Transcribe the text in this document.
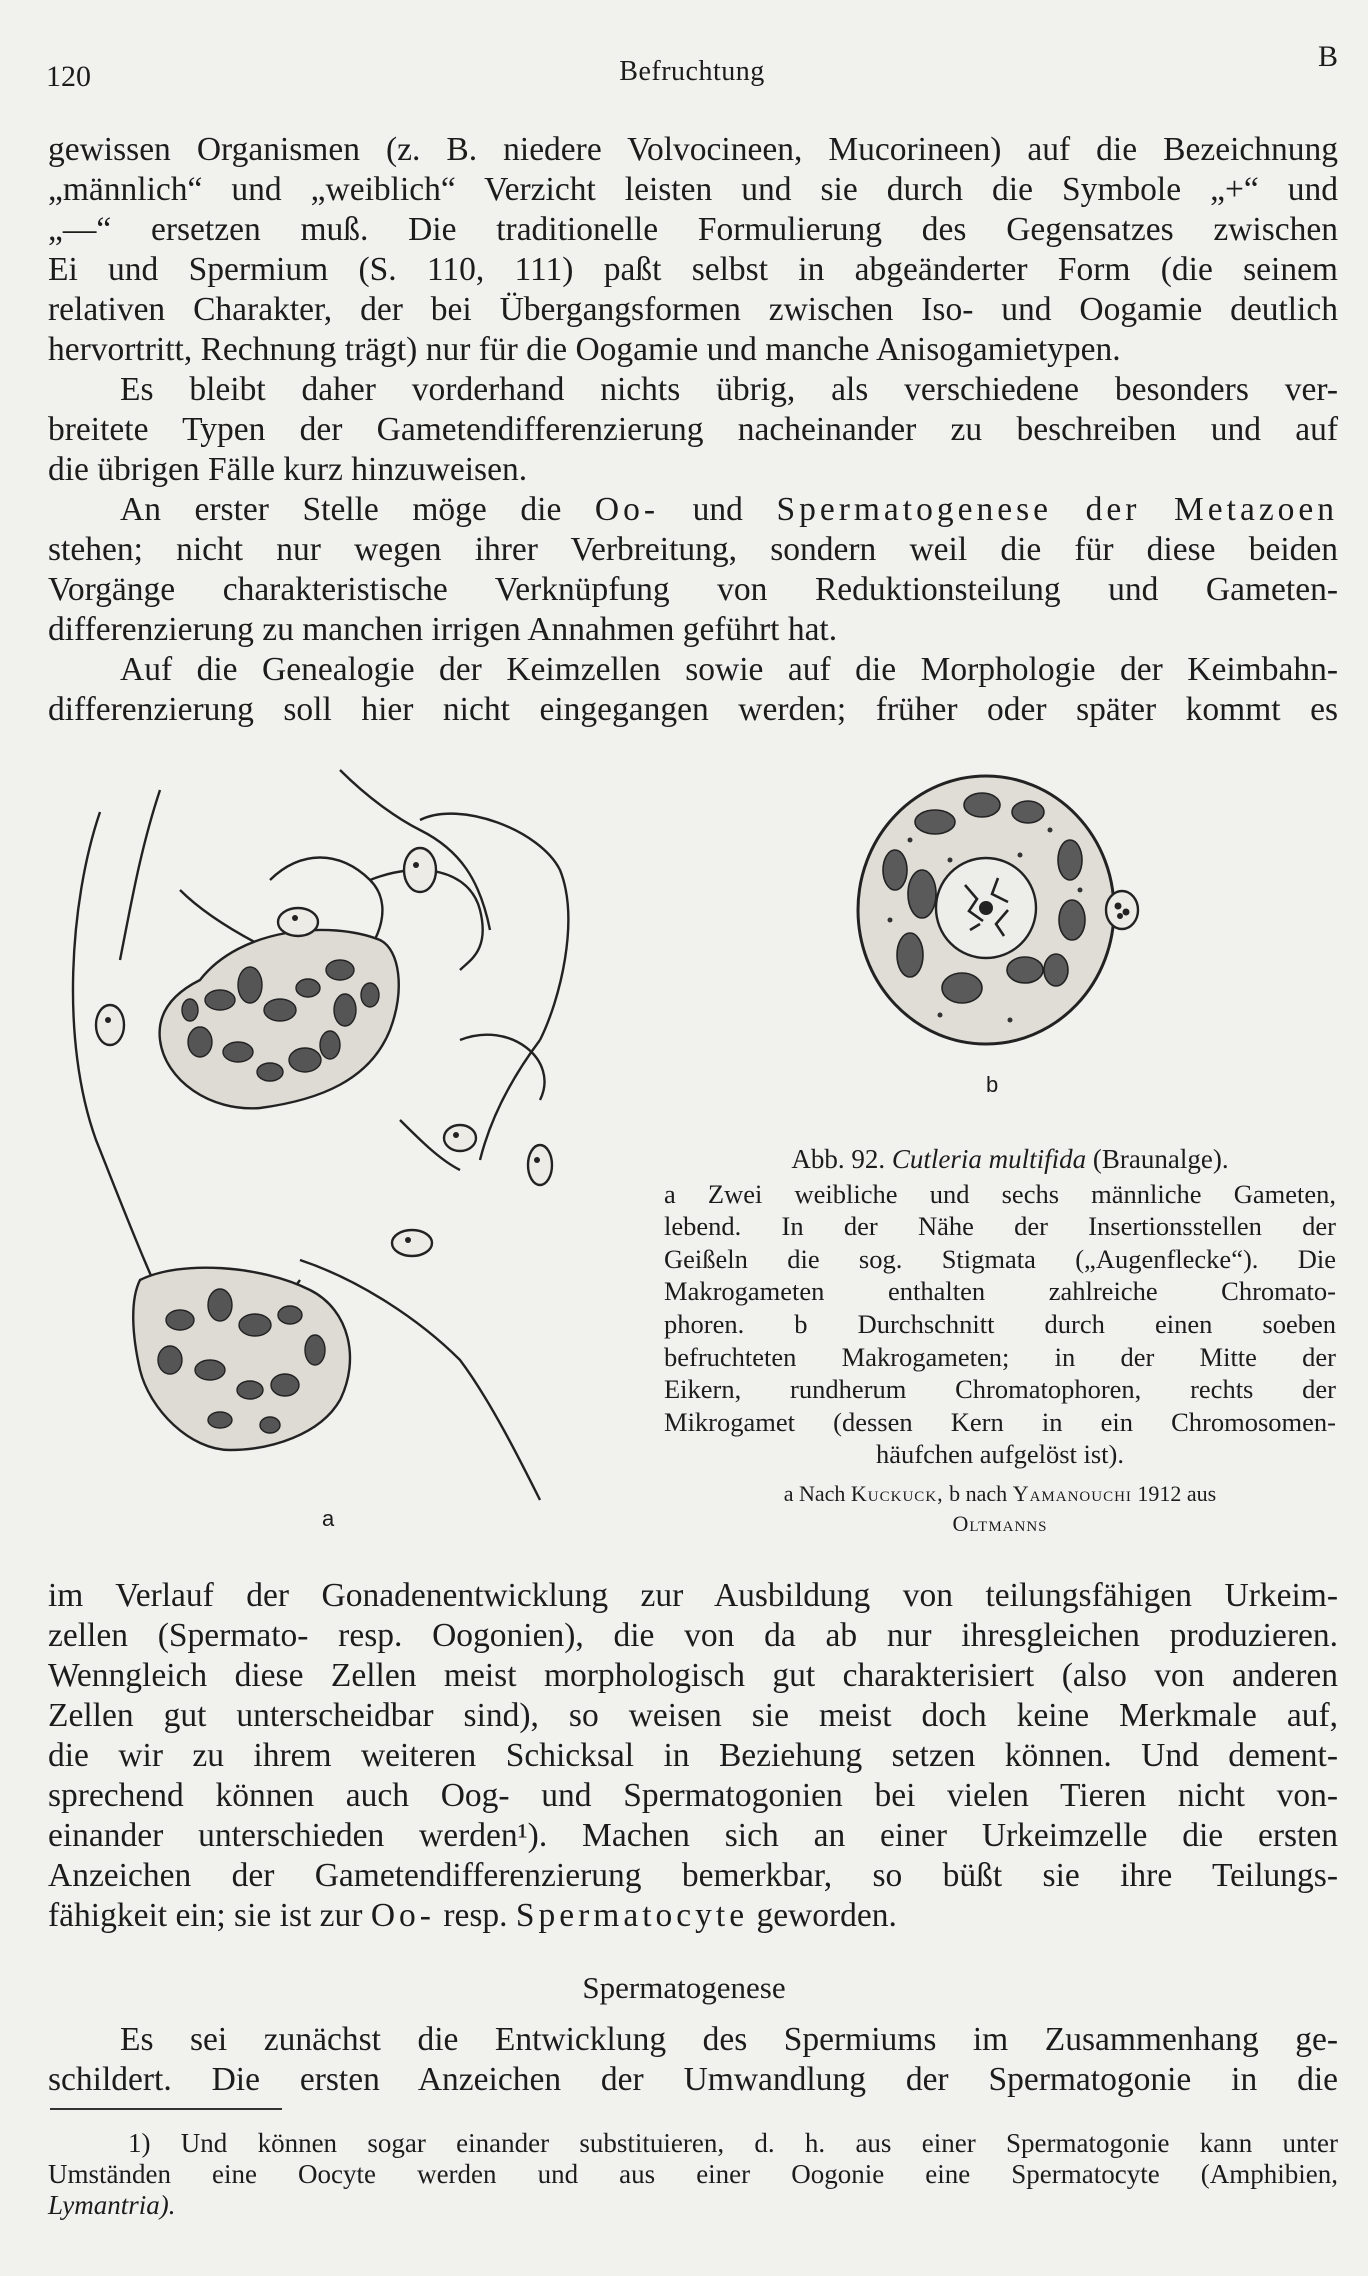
120	Befruchtung	B

gewissen Organismen (z. B. niedere Volvocineen, Mucorineen) auf die Bezeichnung

„männlich“ und „weiblich“ Verzicht leisten und sie durch die Symbole „+“ und

„—“ ersetzen muß. Die traditionelle Formulierung des Gegensatzes zwischen

Ei und Spermium (S. 110, 111) paßt selbst in abgeänderter Form (die seinem

relativen Charakter, der bei Übergangsformen zwischen Iso- und Oogamie deutlich

hervortritt, Rechnung trägt) nur für die Oogamie und manche Anisogamietypen.

Es bleibt daher vorderhand nichts übrig, als verschiedene besonders ver-

breitete Typen der Gametendifferenzierung nacheinander zu beschreiben und auf

die übrigen Fälle kurz hinzuweisen.

An erster Stelle möge die Oo- und Spermatogenese der Metazoen

stehen; nicht nur wegen ihrer Verbreitung, sondern weil die für diese beiden

Vorgänge charakteristische Verknüpfung von Reduktionsteilung und Gameten-

differenzierung zu manchen irrigen Annahmen geführt hat.

Auf die Genealogie der Keimzellen sowie auf die Morphologie der Keimbahn-

differenzierung soll hier nicht eingegangen werden; früher oder später kommt es

a
b

Abb. 92. Cutleria multifida (Braunalge).

a Zwei weibliche und sechs männliche Gameten,

lebend. In der Nähe der Insertionsstellen der

Geißeln die sog. Stigmata („Augenflecke“). Die

Makrogameten enthalten zahlreiche Chromato-

phoren. b Durchschnitt durch einen soeben

befruchteten Makrogameten; in der Mitte der

Eikern, rundherum Chromatophoren, rechts der

Mikrogamet (dessen Kern in ein Chromosomen-

häufchen aufgelöst ist).

a Nach Kuckuck, b nach Yamanouchi 1912 aus
Oltmanns

im Verlauf der Gonadenentwicklung zur Ausbildung von teilungsfähigen Urkeim-

zellen (Spermato- resp. Oogonien), die von da ab nur ihresgleichen produzieren.

Wenngleich diese Zellen meist morphologisch gut charakterisiert (also von anderen

Zellen gut unterscheidbar sind), so weisen sie meist doch keine Merkmale auf,

die wir zu ihrem weiteren Schicksal in Beziehung setzen können. Und dement-

sprechend können auch Oog- und Spermatogonien bei vielen Tieren nicht von-

einander unterschieden werden¹). Machen sich an einer Urkeimzelle die ersten

Anzeichen der Gametendifferenzierung bemerkbar, so büßt sie ihre Teilungs-

fähigkeit ein; sie ist zur Oo- resp. Spermatocyte geworden.

Spermatogenese

Es sei zunächst die Entwicklung des Spermiums im Zusammenhang ge-

schildert. Die ersten Anzeichen der Umwandlung der Spermatogonie in die

1) Und können sogar einander substituieren, d. h. aus einer Spermatogonie kann unter

Umständen eine Oocyte werden und aus einer Oogonie eine Spermatocyte (Amphibien,

Lymantria).
